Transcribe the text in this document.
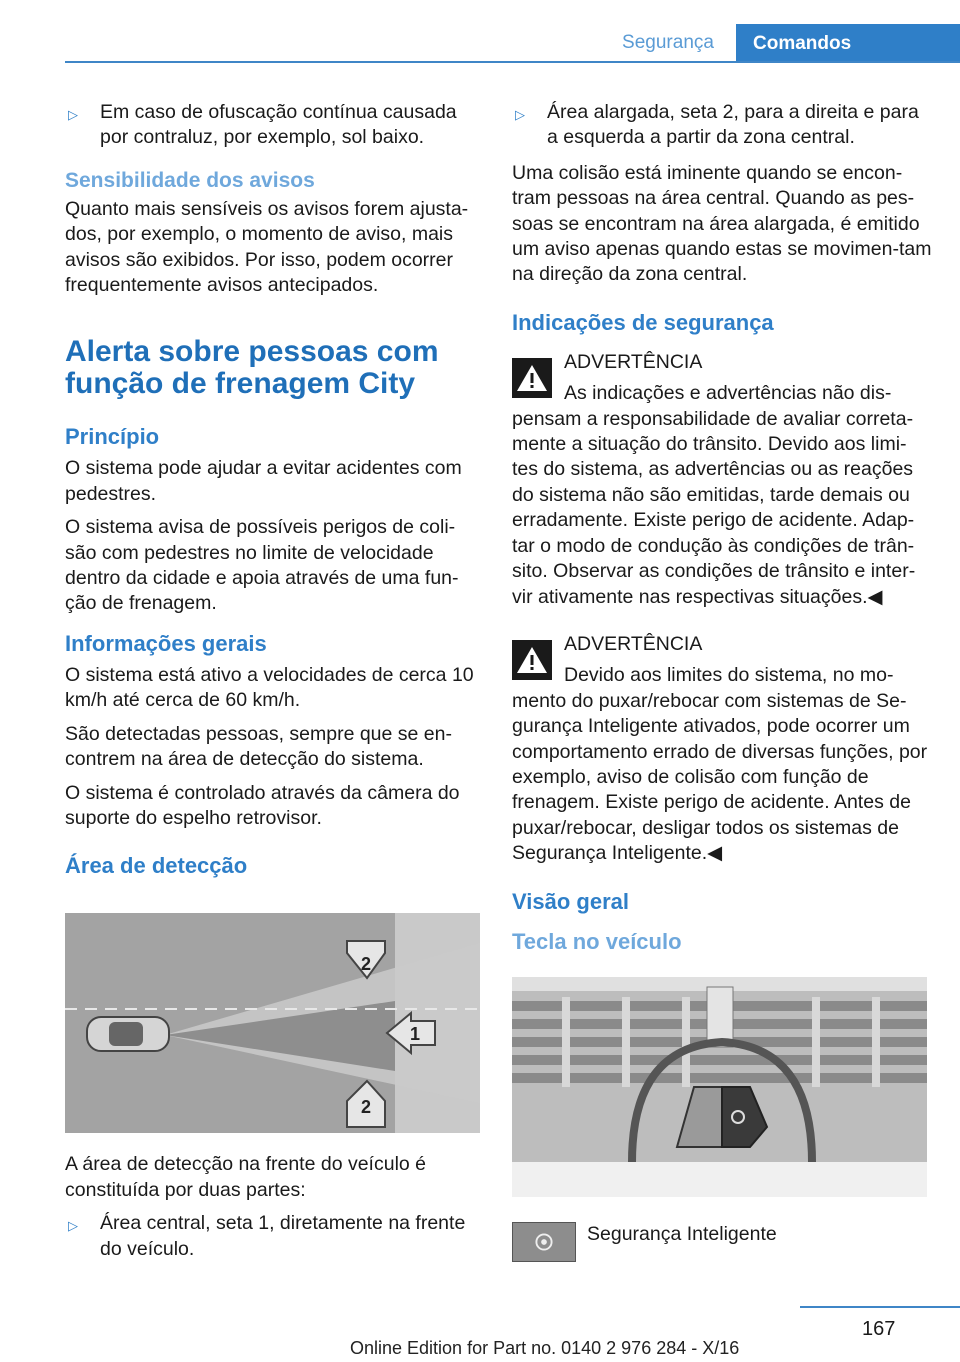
Segurança	Comandos
▷ Em caso de ofuscação contínua causada por contraluz, por exemplo, sol baixo.
Sensibilidade dos avisos

Quanto mais sensíveis os avisos forem ajusta-dos, por exemplo, o momento de aviso, mais avisos são exibidos. Por isso, podem ocorrer frequentemente avisos antecipados.

Alerta sobre pessoas com função de frenagem City
Princípio

O sistema pode ajudar a evitar acidentes com pedestres.

O sistema avisa de possíveis perigos de coli-são com pedestres no limite de velocidade dentro da cidade e apoia através de uma fun-ção de frenagem.

Informações gerais

O sistema está ativo a velocidades de cerca 10 km/h até cerca de 60 km/h.

São detectadas pessoas, sempre que se en-contrem na área de detecção do sistema.

O sistema é controlado através da câmera do suporte do espelho retrovisor.

Área de detecção
2
1
2

A área de detecção na frente do veículo é constituída por duas partes:

▷ Área central, seta 1, diretamente na frente do veículo.
▷ Área alargada, seta 2, para a direita e para a esquerda a partir da zona central.

Uma colisão está iminente quando se encon-tram pessoas na área central. Quando as pes-soas se encontram na área alargada, é emitido um aviso apenas quando estas se movimen-tam na direção da zona central.

Indicações de segurança
ADVERTÊNCIA
As indicações e advertências não dis-
pensam a responsabilidade de avaliar correta-mente a situação do trânsito. Devido aos limi-tes do sistema, as advertências ou as reações do sistema não são emitidas, tarde demais ou erradamente. Existe perigo de acidente. Adap-tar o modo de condução às condições de trân-sito. Observar as condições de trânsito e inter-vir ativamente nas respectivas situações.◀
ADVERTÊNCIA
Devido aos limites do sistema, no mo-
mento do puxar/rebocar com sistemas de Se-gurança Inteligente ativados, pode ocorrer um comportamento errado de diversas funções, por exemplo, aviso de colisão com função de frenagem. Existe perigo de acidente. Antes de puxar/rebocar, desligar todos os sistemas de Segurança Inteligente.◀
Visão geral
Tecla no veículo
Segurança Inteligente
167
Online Edition for Part no. 0140 2 976 284 - X/16
